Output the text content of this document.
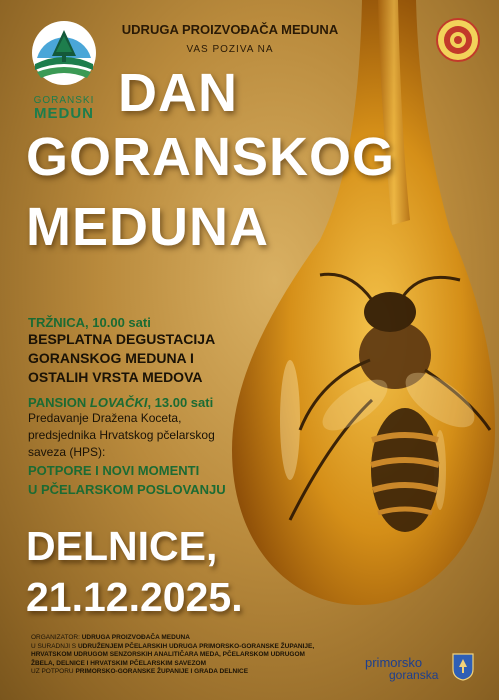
GORANSKI
MEDUN
UDRUGA PROIZVOĐAČA MEDUNA
VAS POZIVA NA
DAN
GORANSKOG
MEDUNA
TRŽNICA, 10.00 sati
BESPLATNA DEGUSTACIJA
GORANSKOG MEDUNA I
OSTALIH VRSTA MEDOVA
PANSION LOVAČKI, 13.00 sati
Predavanje Dražena Koceta,
predsjednika Hrvatskog pčelarskog
saveza (HPS):
POTPORE I NOVI MOMENTI
U PČELARSKOM POSLOVANJU
DELNICE,
21.12.2025.
ORGANIZATOR: UDRUGA PROIZVOĐAČA MEDUNA
U SURADNJI S UDRUŽENJEM PČELARSKIH UDRUGA PRIMORSKO-GORANSKE ŽUPANIJE,
HRVATSKOM UDRUGOM SENZORSKIH ANALITIČARA MEDA, PČELARSKOM UDRUGOM
ŽBELA, DELNICE I HRVATSKIM PČELARSKIM SAVEZOM
UZ POTPORU PRIMORSKO-GORANSKE ŽUPANIJE I GRADA DELNICE
primorsko
goranska
